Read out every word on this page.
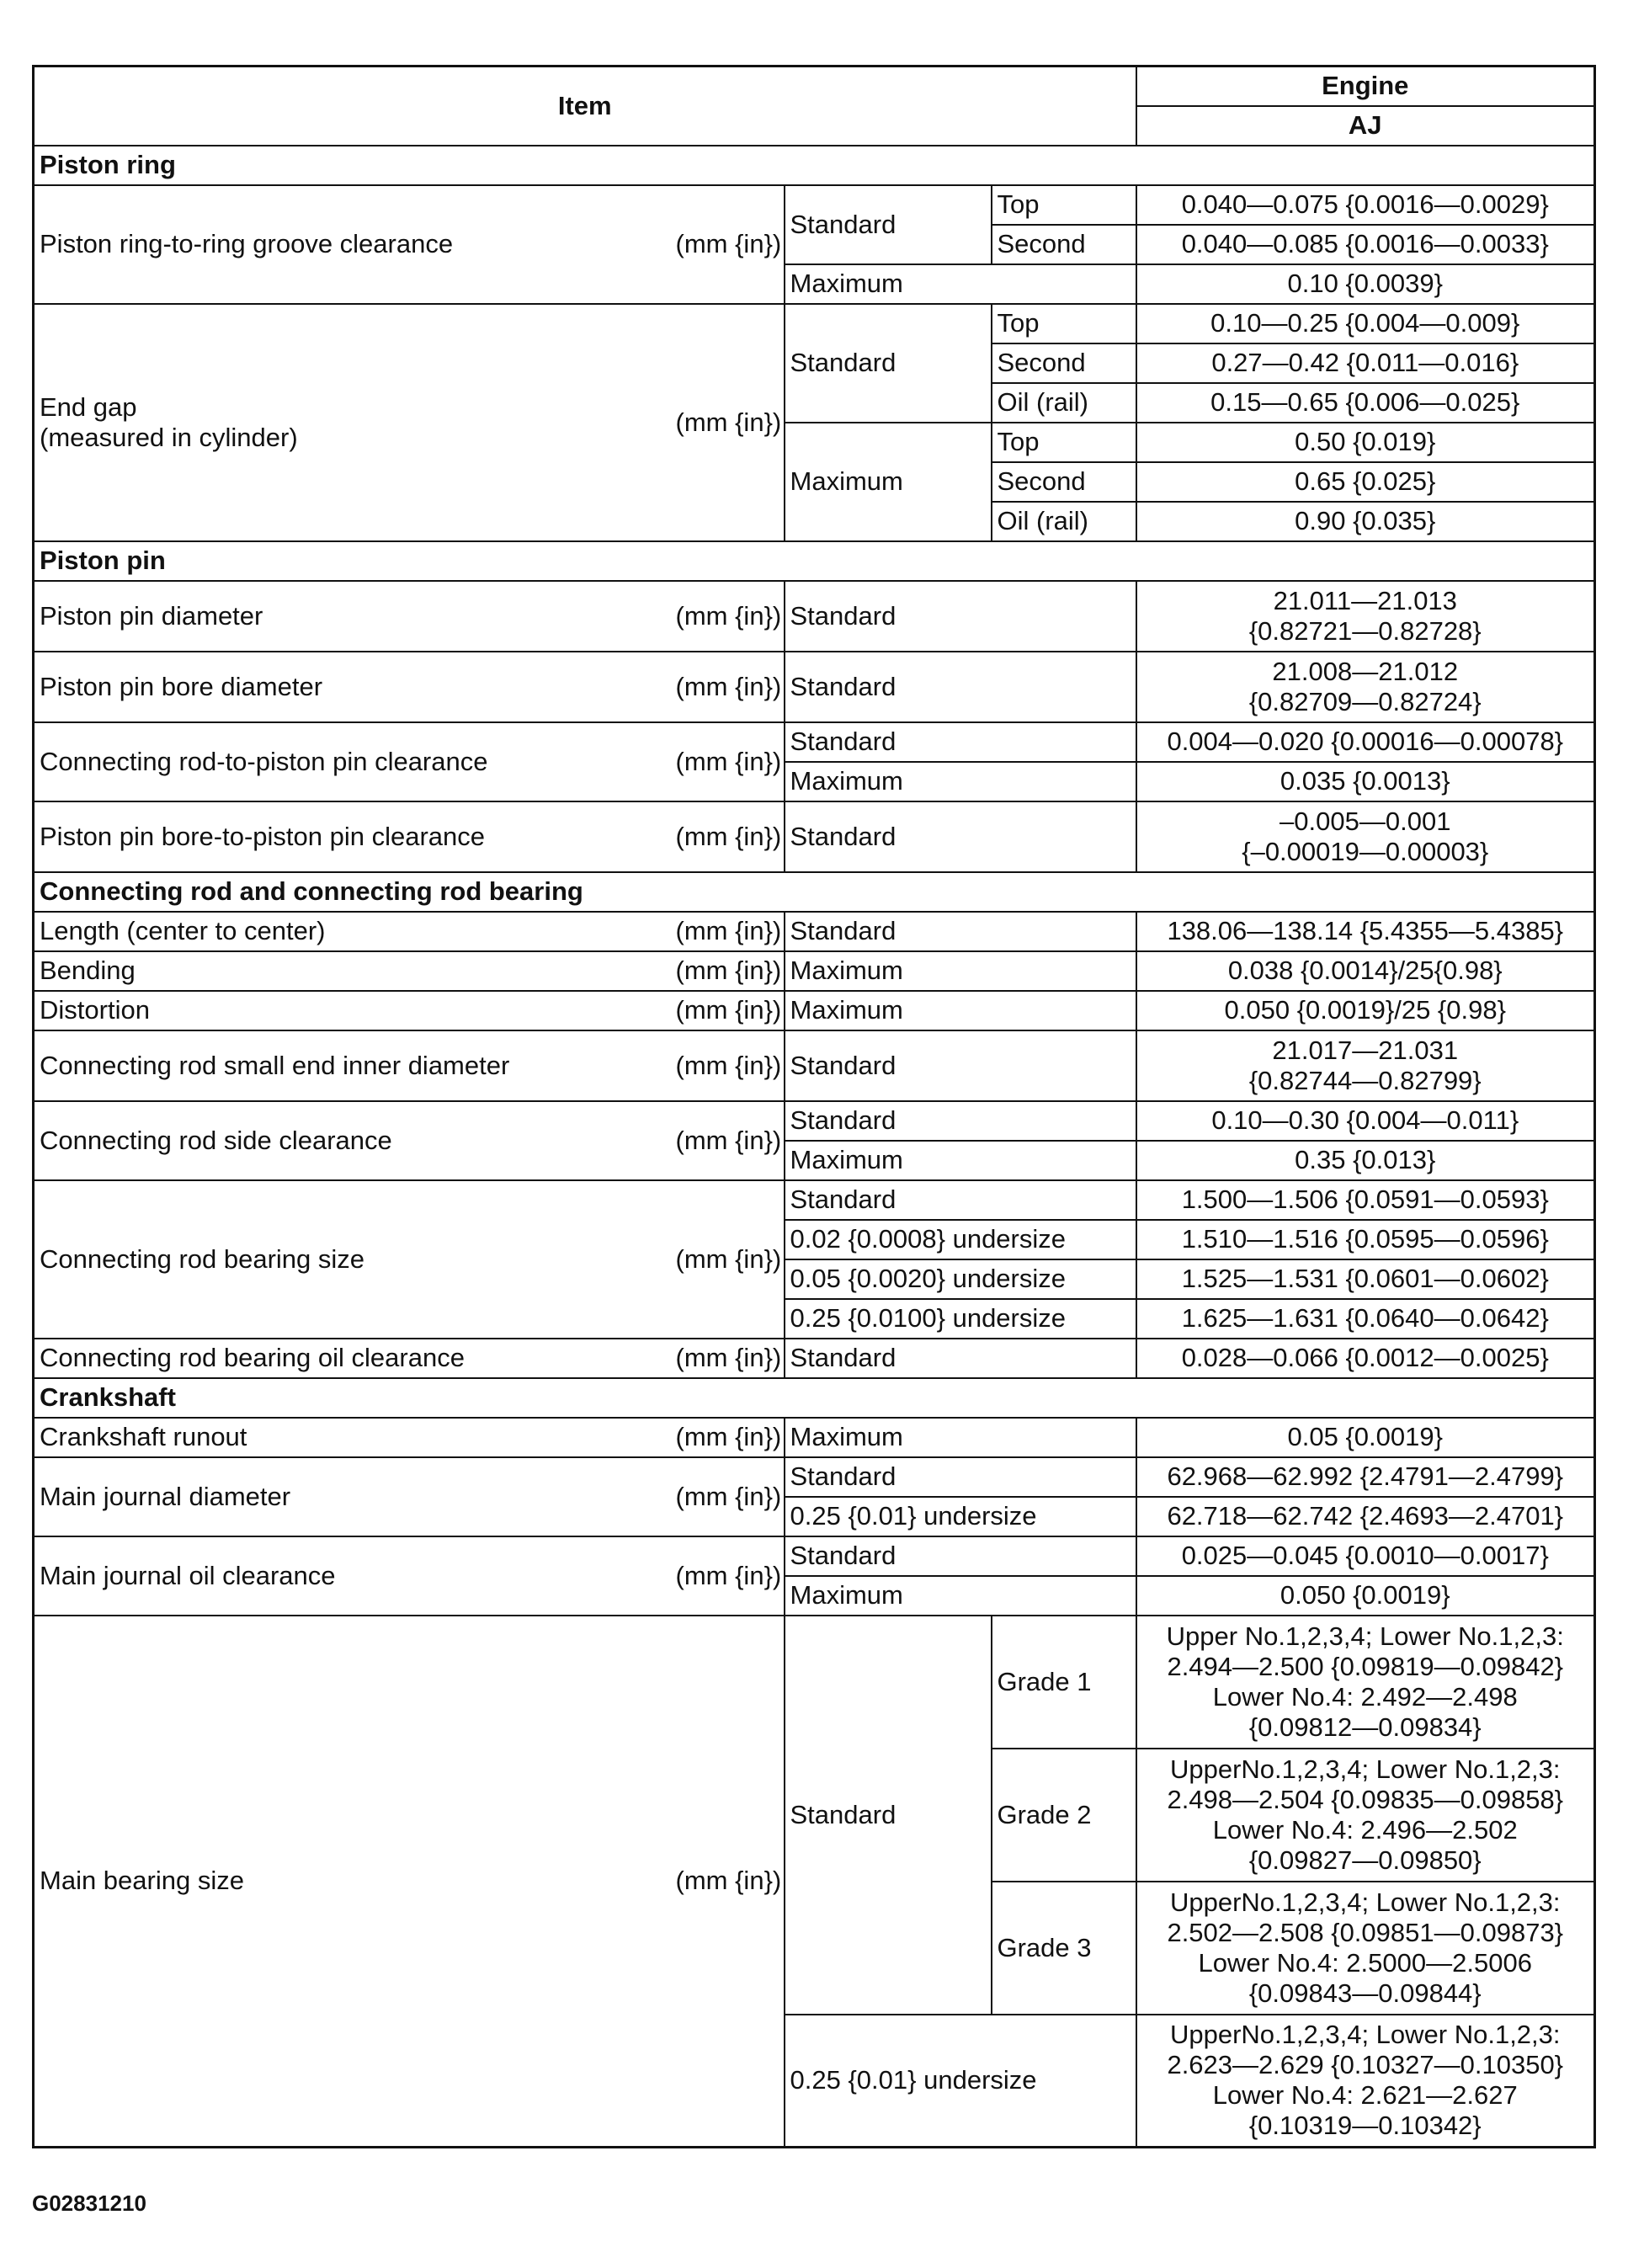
Item				Engine
				AJ
Piston ring				
Piston ring-to-ring groove clearance	(mm {in})	Standard	Top	0.040—0.075 {0.0016—0.0029}
			Second	0.040—0.085 {0.0016—0.0033}
		Maximum		0.10 {0.0039}

End gap
(measured in cylinder)	(mm {in})	Standard	Top	0.10—0.25 {0.004—0.009}
			Second	0.27—0.42 {0.011—0.016}
			Oil (rail)	0.15—0.65 {0.006—0.025}
		Maximum	Top	0.50 {0.019}
			Second	0.65 {0.025}
			Oil (rail)	0.90 {0.035}
Piston pin				
Piston pin diameter	(mm {in})	Standard		21.011—21.013
{0.82721—0.82728}

Piston pin bore diameter	(mm {in})	Standard		21.008—21.012
{0.82709—0.82724}

Connecting rod-to-piston pin clearance	(mm {in})	Standard		0.004—0.020 {0.00016—0.00078}
		Maximum		0.035 {0.0013}
Piston pin bore-to-piston pin clearance	(mm {in})	Standard		–0.005—0.001
{–0.00019—0.00003}

Connecting rod and connecting rod bearing				
Length (center to center)	(mm {in})	Standard		138.06—138.14 {5.4355—5.4385}
Bending	(mm {in})	Maximum		0.038 {0.0014}/25{0.98}
Distortion	(mm {in})	Maximum		0.050 {0.0019}/25 {0.98}
Connecting rod small end inner diameter	(mm {in})	Standard		21.017—21.031
{0.82744—0.82799}

Connecting rod side clearance	(mm {in})	Standard		0.10—0.30 {0.004—0.011}
		Maximum		0.35 {0.013}
Connecting rod bearing size	(mm {in})	Standard		1.500—1.506 {0.0591—0.0593}
		0.02 {0.0008} undersize		1.510—1.516 {0.0595—0.0596}
		0.05 {0.0020} undersize		1.525—1.531 {0.0601—0.0602}
		0.25 {0.0100} undersize		1.625—1.631 {0.0640—0.0642}
Connecting rod bearing oil clearance	(mm {in})	Standard		0.028—0.066 {0.0012—0.0025}
Crankshaft				
Crankshaft runout	(mm {in})	Maximum		0.05 {0.0019}
Main journal diameter	(mm {in})	Standard		62.968—62.992 {2.4791—2.4799}
		0.25 {0.01} undersize		62.718—62.742 {2.4693—2.4701}
Main journal oil clearance	(mm {in})	Standard		0.025—0.045 {0.0010—0.0017}
		Maximum		0.050 {0.0019}
Main bearing size	(mm {in})	Standard	Grade 1	Upper No.1,2,3,4; Lower No.1,2,3:
2.494—2.500 {0.09819—0.09842}
Lower No.4: 2.492—2.498
{0.09812—0.09834}

			Grade 2	UpperNo.1,2,3,4; Lower No.1,2,3:
2.498—2.504 {0.09835—0.09858}
Lower No.4: 2.496—2.502
{0.09827—0.09850}

			Grade 3	UpperNo.1,2,3,4; Lower No.1,2,3:
2.502—2.508 {0.09851—0.09873}
Lower No.4: 2.5000—2.5006
{0.09843—0.09844}

		0.25 {0.01} undersize		UpperNo.1,2,3,4; Lower No.1,2,3:
2.623—2.629 {0.10327—0.10350}
Lower No.4: 2.621—2.627
{0.10319—0.10342}
G02831210
